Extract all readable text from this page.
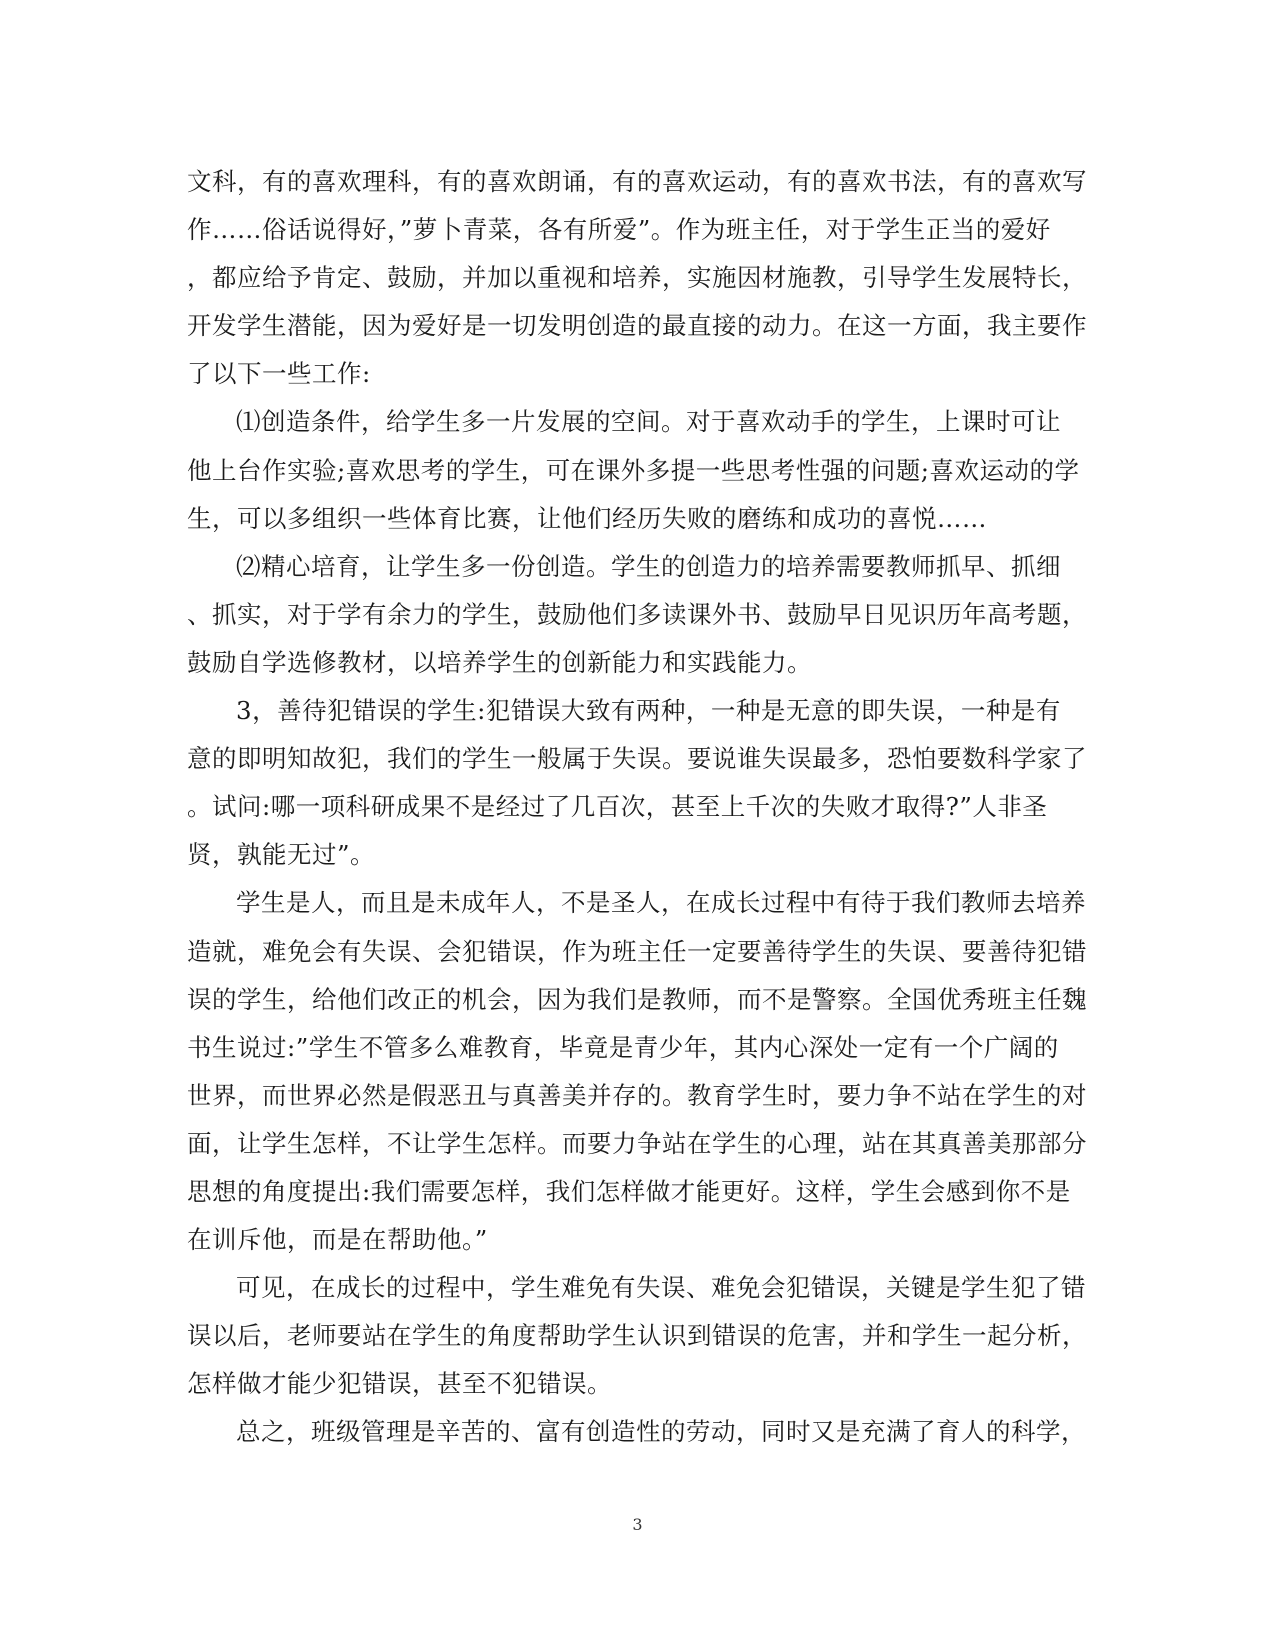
文科，有的喜欢理科，有的喜欢朗诵，有的喜欢运动，有的喜欢书法，有的喜欢写
作……俗话说得好，”萝卜青菜，各有所爱”。作为班主任，对于学生正当的爱好
，都应给予肯定、鼓励，并加以重视和培养，实施因材施教，引导学生发展特长，
开发学生潜能，因为爱好是一切发明创造的最直接的动力。在这一方面，我主要作
了以下一些工作:
⑴创造条件，给学生多一片发展的空间。对于喜欢动手的学生，上课时可让
他上台作实验;喜欢思考的学生，可在课外多提一些思考性强的问题;喜欢运动的学
生，可以多组织一些体育比赛，让他们经历失败的磨练和成功的喜悦……
⑵精心培育，让学生多一份创造。学生的创造力的培养需要教师抓早、抓细
、抓实，对于学有余力的学生，鼓励他们多读课外书、鼓励早日见识历年高考题，
鼓励自学选修教材，以培养学生的创新能力和实践能力。
3，善待犯错误的学生:犯错误大致有两种，一种是无意的即失误，一种是有
意的即明知故犯，我们的学生一般属于失误。要说谁失误最多，恐怕要数科学家了
。试问:哪一项科研成果不是经过了几百次，甚至上千次的失败才取得?”人非圣
贤，孰能无过”。
学生是人，而且是未成年人，不是圣人，在成长过程中有待于我们教师去培养
造就，难免会有失误、会犯错误，作为班主任一定要善待学生的失误、要善待犯错
误的学生，给他们改正的机会，因为我们是教师，而不是警察。全国优秀班主任魏
书生说过:”学生不管多么难教育，毕竟是青少年，其内心深处一定有一个广阔的
世界，而世界必然是假恶丑与真善美并存的。教育学生时，要力争不站在学生的对
面，让学生怎样，不让学生怎样。而要力争站在学生的心理，站在其真善美那部分
思想的角度提出:我们需要怎样，我们怎样做才能更好。这样，学生会感到你不是
在训斥他，而是在帮助他。”
可见，在成长的过程中，学生难免有失误、难免会犯错误，关键是学生犯了错
误以后，老师要站在学生的角度帮助学生认识到错误的危害，并和学生一起分析，
怎样做才能少犯错误，甚至不犯错误。
总之，班级管理是辛苦的、富有创造性的劳动，同时又是充满了育人的科学，
3
